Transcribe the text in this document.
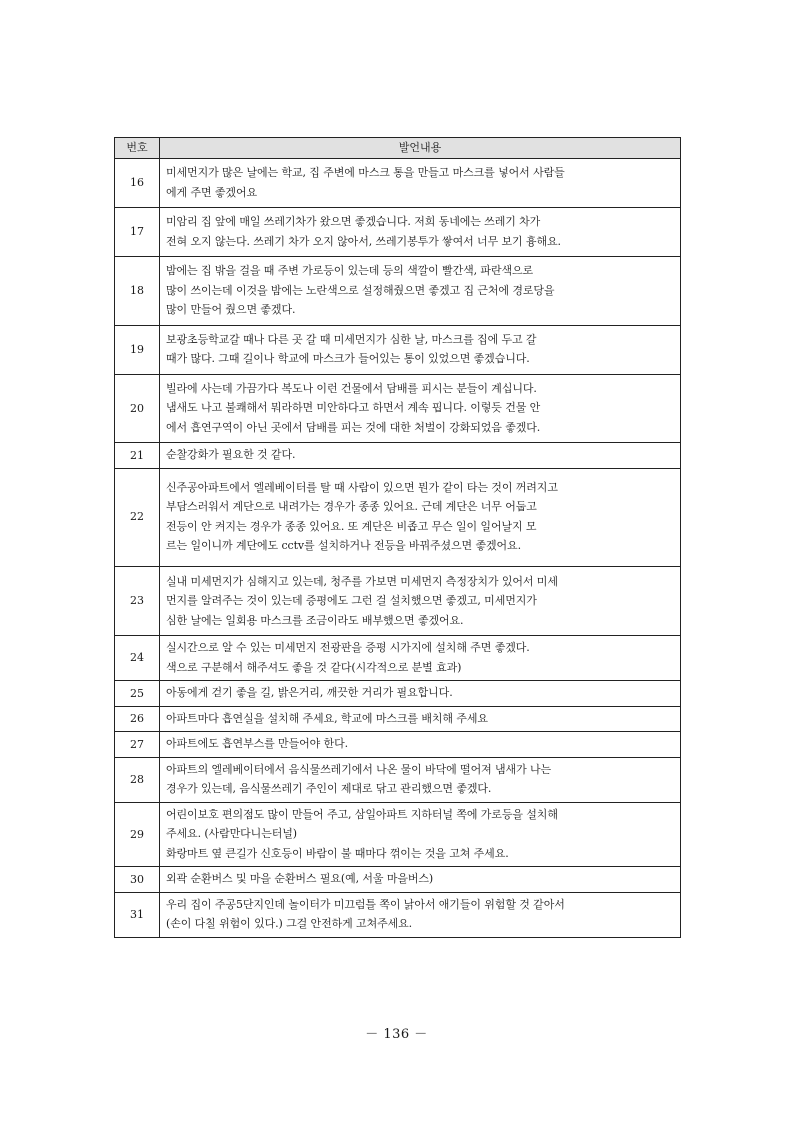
번호	발언내용
16	미세먼지가 많은 날에는 학교, 집 주변에 마스크 통을 만들고 마스크를 넣어서 사람들
에게 주면 좋겠어요

17	미암리 집 앞에 매일 쓰레기차가 왔으면 좋겠습니다. 저희 동네에는 쓰레기 차가
전혀 오지 않는다. 쓰레기 차가 오지 않아서, 쓰레기봉투가 쌓여서 너무 보기 흉해요.

18	밤에는 집 밖을 걸을 때 주변 가로등이 있는데 등의 색깔이 빨간색, 파란색으로
많이 쓰이는데 이것을 밤에는 노란색으로 설정해줬으면 좋겠고 집 근처에 경로당을
많이 만들어 줬으면 좋겠다.

19	보광초등학교갈 때나 다른 곳 갈 때 미세먼지가 심한 날, 마스크를 집에 두고 갈
때가 많다. 그때 길이나 학교에 마스크가 들어있는 통이 있었으면 좋겠습니다.

20	빌라에 사는데 가끔가다 복도나 이런 건물에서 담배를 피시는 분들이 계십니다.
냄새도 나고 불쾌해서 뭐라하면 미안하다고 하면서 계속 핍니다. 이렇듯 건물 안
에서 흡연구역이 아닌 곳에서 담배를 피는 것에 대한 처벌이 강화되었음 좋겠다.

21	순찰강화가 필요한 것 같다.

22	신주공아파트에서 엘레베이터를 탈 때 사람이 있으면 뭔가 같이 타는 것이 꺼려지고
부담스러워서 계단으로 내려가는 경우가 종종 있어요. 근데 계단은 너무 어둡고
전등이 안 켜지는 경우가 종종 있어요. 또 계단은 비좁고 무슨 일이 일어날지 모
르는 일이니까 계단에도 cctv를 설치하거나 전등을 바꿔주셨으면 좋겠어요.

23	실내 미세먼지가 심해지고 있는데, 청주를 가보면 미세먼지 측정장치가 있어서 미세
먼지를 알려주는 것이 있는데 증평에도 그런 걸 설치했으면 좋겠고, 미세먼지가
심한 날에는 일회용 마스크를 조금이라도 배부했으면 좋겠어요.

24	실시간으로 알 수 있는 미세먼지 전광판을 증평 시가지에 설치해 주면 좋겠다.
색으로 구분해서 해주셔도 좋을 것 같다(시각적으로 분별 효과)

25	아동에게 걷기 좋을 길, 밝은거리, 깨끗한 거리가 필요합니다.

26	아파트마다 흡연실을 설치해 주세요, 학교에 마스크를 배치해 주세요

27	아파트에도 흡연부스를 만들어야 한다.

28	아파트의 엘레베이터에서 음식물쓰레기에서 나온 물이 바닥에 떨어져 냄새가 나는
경우가 있는데, 음식물쓰레기 주인이 제대로 닦고 관리했으면 좋겠다.

29	어린이보호 편의점도 많이 만들어 주고, 삼일아파트 지하터널 쪽에 가로등을 설치해
주세요. (사람만다니는터널)
화랑마트 옆 큰길가 신호등이 바람이 불 때마다 꺾이는 것을 고쳐 주세요.

30	외곽 순환버스 및 마을 순환버스 필요(예, 서울 마을버스)

31	우리 집이 주공5단지인데 놀이터가 미끄럼틀 쪽이 낡아서 애기들이 위험할 것 같아서
(손이 다칠 위험이 있다.) 그걸 안전하게 고쳐주세요.
－ 136 －
